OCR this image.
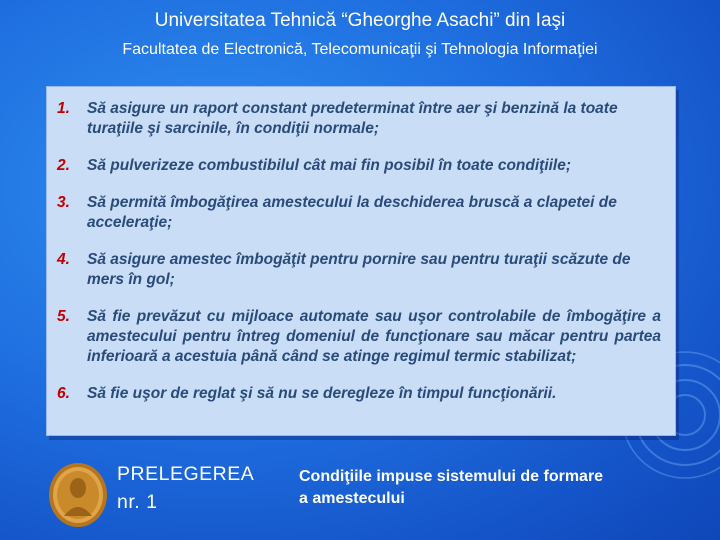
Universitatea Tehnică “Gheorghe Asachi” din Iaşi
Facultatea de Electronică, Telecomunicaţii şi Tehnologia Informaţiei
1. Să asigure un raport constant predeterminat între aer şi benzină la toate turaţiile şi sarcinile, în condiţii normale;
2. Să pulverizeze combustibilul cât mai fin posibil în toate condiţiile;
3. Să permită îmbogăţirea amestecului la deschiderea bruscă a clapetei de acceleraţie;
4. Să asigure amestec îmbogăţit pentru pornire sau pentru turaţii scăzute de mers în gol;
5. Să fie prevăzut cu mijloace automate sau uşor controlabile de îmbogăţire a amestecului pentru întreg domeniul de funcţionare sau măcar pentru partea inferioară a acestuia până când se atinge regimul termic stabilizat;
6. Să fie uşor de reglat şi să nu se deregleze în timpul funcţionării.
PRELEGEREA
nr. 1
Condiţiile impuse sistemului de formare a amestecului
